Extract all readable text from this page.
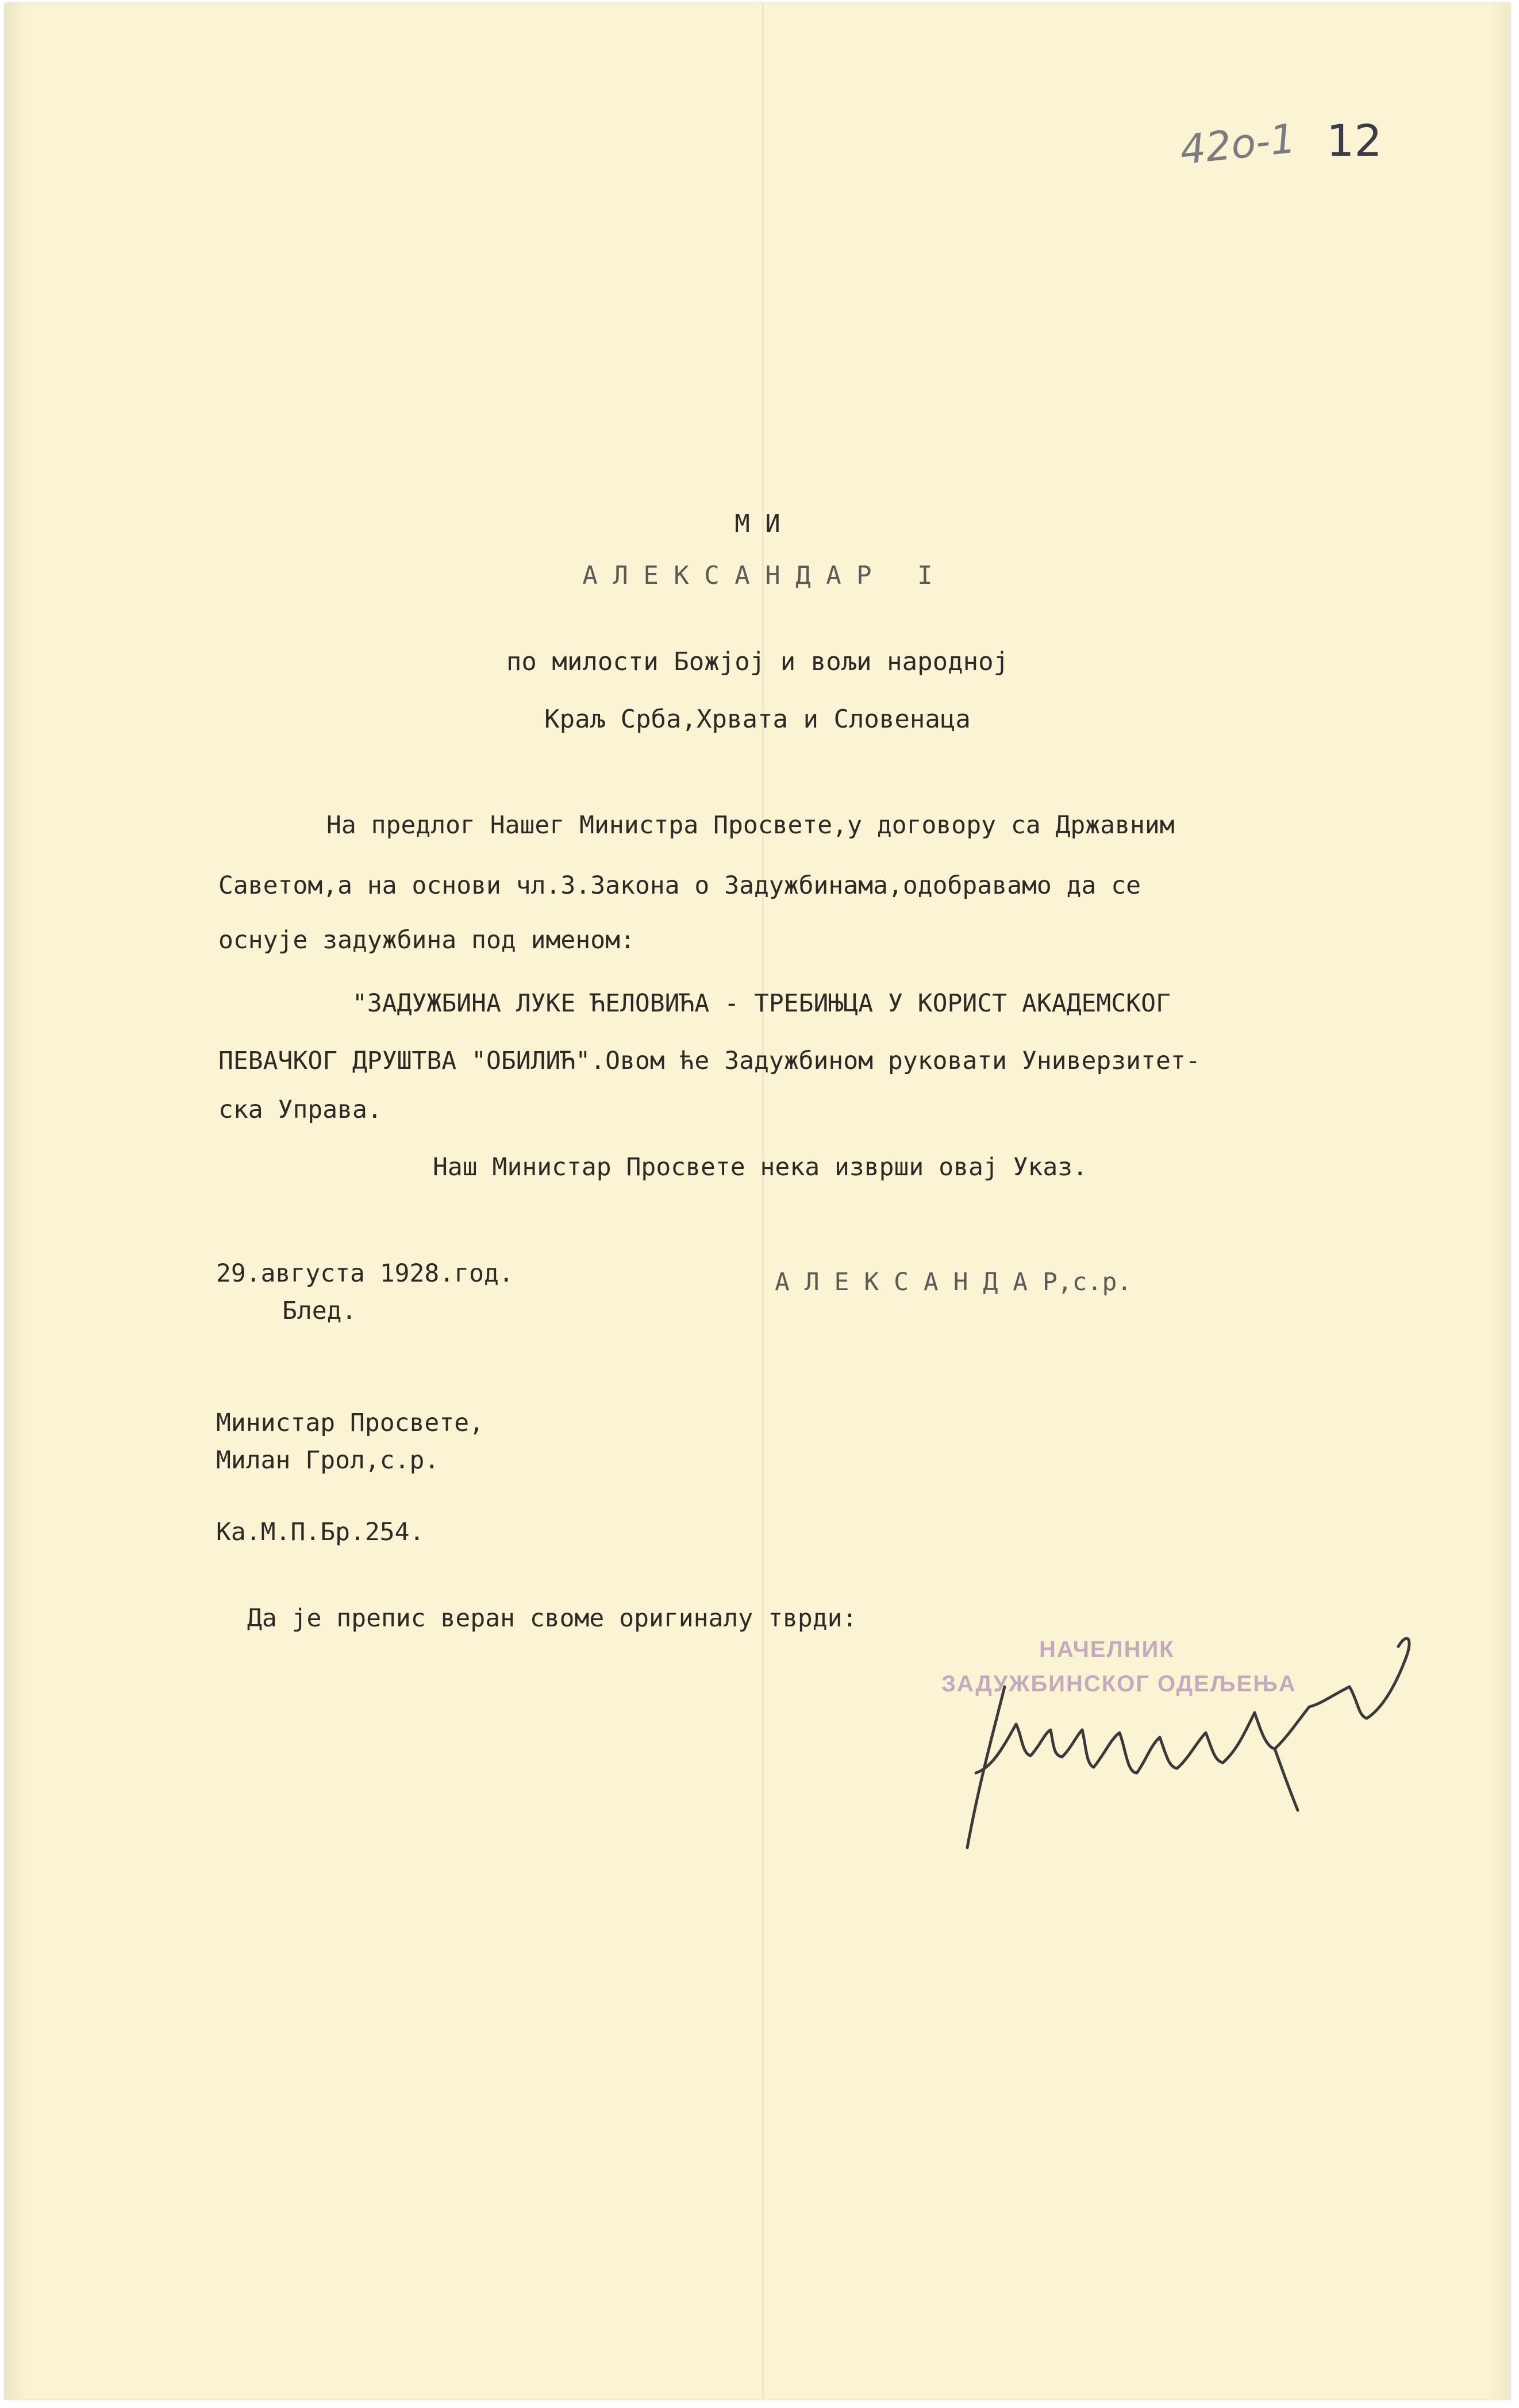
42о-1 12
М И
А Л Е К С А Н Д А Р   I
по милости Божјој и вољи народној
Краљ Срба,Хрвата и Словенаца
На предлог Нашег Министра Просвете,у договору са Државним
Саветом,а на основи чл.3.Закона о Задужбинама,одобравамо да се
оснује задужбина под именом:
"ЗАДУЖБИНА ЛУКЕ ЋЕЛОВИЋА - ТРЕБИЊЦА У КОРИСТ АКАДЕМСКОГ
ПЕВАЧКОГ ДРУШТВА "ОБИЛИЋ".Овом ће Задужбином руковати Универзитет-
ска Управа.
Наш Министар Просвете нека изврши овај Указ.
29.августа 1928.год.
Блед.
А Л Е К С А Н Д А Р,с.р.
Министар Просвете,
Милан Грол,с.р.
Ка.М.П.Бр.254.
Да је препис веран своме оригиналу тврди:
НАЧЕЛНИК
ЗАДУЖБИНСКОГ ОДЕЉЕЊА
